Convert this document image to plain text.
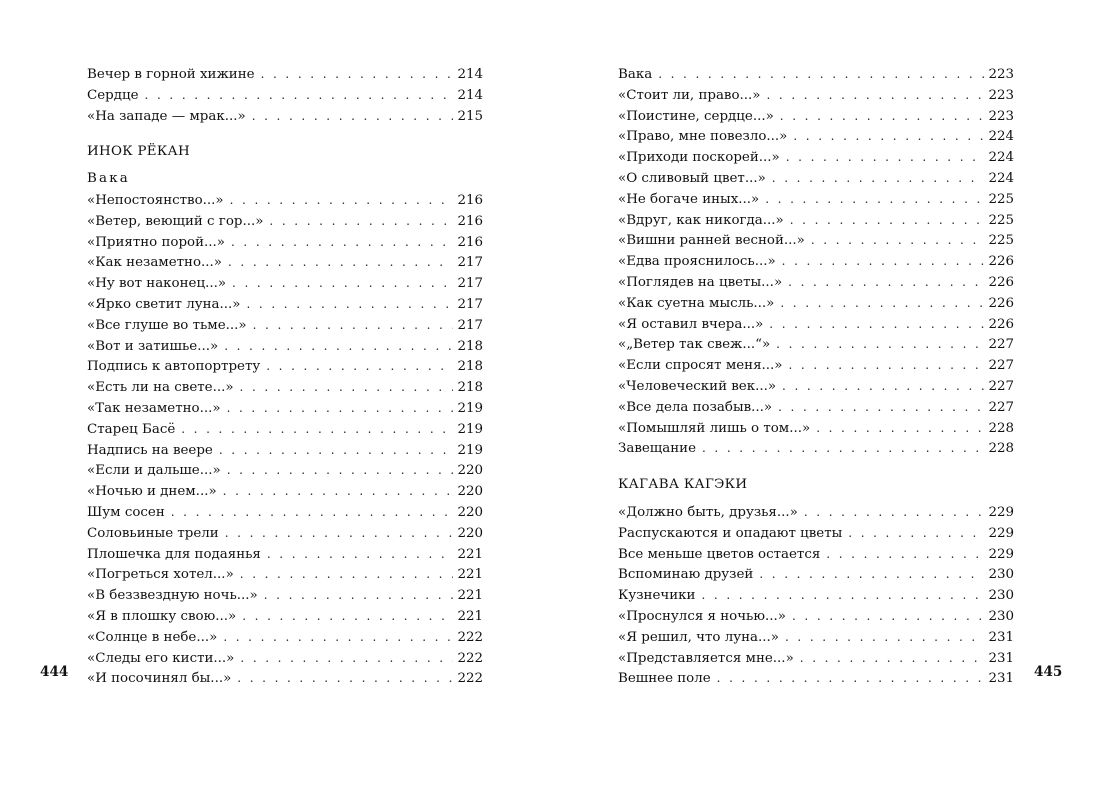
Вечер в горной хижине . . .	214
Сердце . . .	214
«На западе — мрак...» . . .	215
ИНОК РЁКАН
Вака
«Непостоянство...» . . .	216
«Ветер, веющий с гор...» . . .	216
«Приятно порой...» . . .	216
«Как незаметно...» . . .	217
«Ну вот наконец...» . . .	217
«Ярко светит луна...» . . .	217
«Все глуше во тьме...» . . .	217
«Вот и затишье...» . . .	218
Подпись к автопортрету . . .	218
«Есть ли на свете...» . . .	218
«Так незаметно...» . . .	219
Старец Басё . . .	219
Надпись на веере . . .	219
«Если и дальше...» . . .	220
«Ночью и днем...» . . .	220
Шум сосен . . .	220
Соловьиные трели . . .	220
Плошечка для подаянья . . .	221
«Погреться хотел...» . . .	221
«В беззвездную ночь...» . . .	221
«Я в плошку свою...» . . .	221
«Солнце в небе...» . . .	222
«Следы его кисти...» . . .	222
«И посочинял бы...» . . .	222
444
Вака . . .	223
«Стоит ли, право...» . . .	223
«Поистине, сердце...» . . .	223
«Право, мне повезло...» . . .	224
«Приходи поскорей...» . . .	224
«О сливовый цвет...» . . .	224
«Не богаче иных...» . . .	225
«Вдруг, как никогда...» . . .	225
«Вишни ранней весной...» . . .	225
«Едва прояснилось...» . . .	226
«Поглядев на цветы...» . . .	226
«Как суетна мысль...» . . .	226
«Я оставил вчера...» . . .	226
«„Ветер так свеж...“» . . .	227
«Если спросят меня...» . . .	227
«Человеческий век...» . . .	227
«Все дела позабыв...» . . .	227
«Помышляй лишь о том...» . . .	228
Завещание . . .	228
КАГАВА КАГЭКИ
«Должно быть, друзья...» . . .	229
Распускаются и опадают цветы . . .	229
Все меньше цветов остается . . .	229
Вспоминаю друзей . . .	230
Кузнечики . . .	230
«Проснулся я ночью...» . . .	230
«Я решил, что луна...» . . .	231
«Представляется мне...» . . .	231
Вешнее поле . . .	231 445
